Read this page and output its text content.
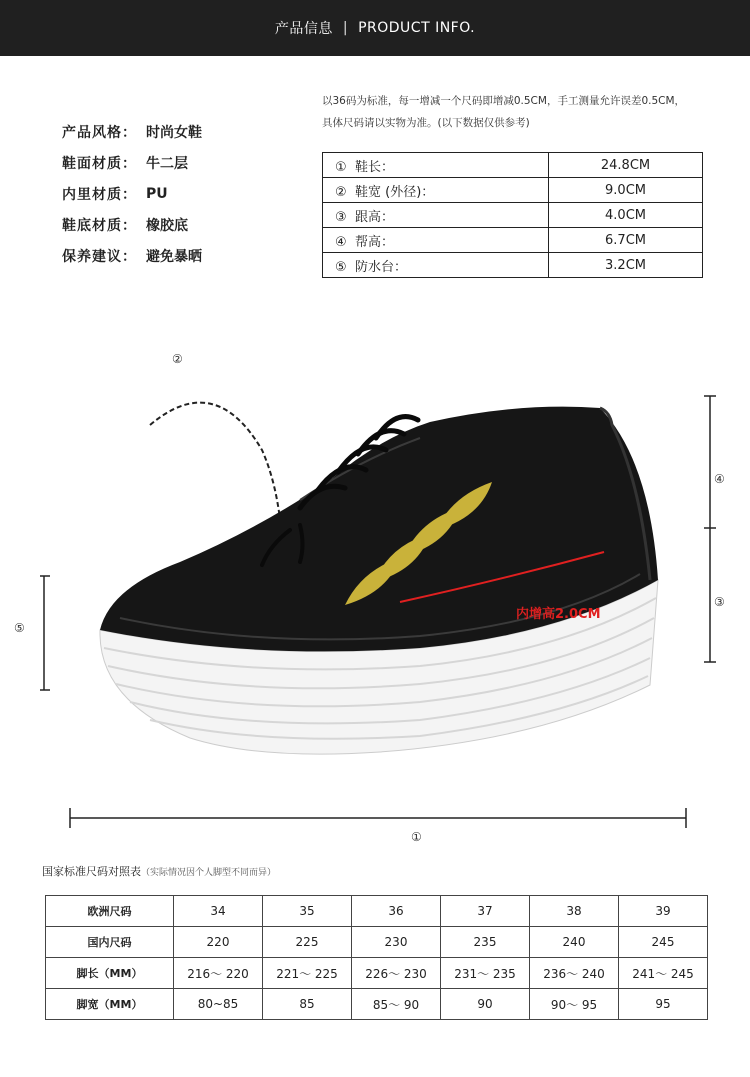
产品信息 | PRODUCT INFO.
产品风格： 时尚女鞋
鞋面材质： 牛二层
内里材质： PU
鞋底材质： 橡胶底
保养建议： 避免暴晒
以36码为标准，每一增减一个尺码即增减0.5CM，手工测量允许误差0.5CM，
具体尺码请以实物为准。(以下数据仅供参考)
① 鞋长：	24.8CM
② 鞋宽 (外径)：	9.0CM
③ 跟高：	4.0CM
④ 帮高：	6.7CM
⑤ 防水台：	3.2CM
②
⑤
④
③
①
内增高2.0CM
国家标准尺码对照表（实际情况因个人脚型不同而异）
欧洲尺码	34	35	36	37	38	39
国内尺码	220	225	230	235	240	245
脚长（MM）	216～ 220	221～ 225	226～ 230	231～ 235	236～ 240	241～ 245
脚宽（MM）	80~85	85	85～ 90	90	90～ 95	95
